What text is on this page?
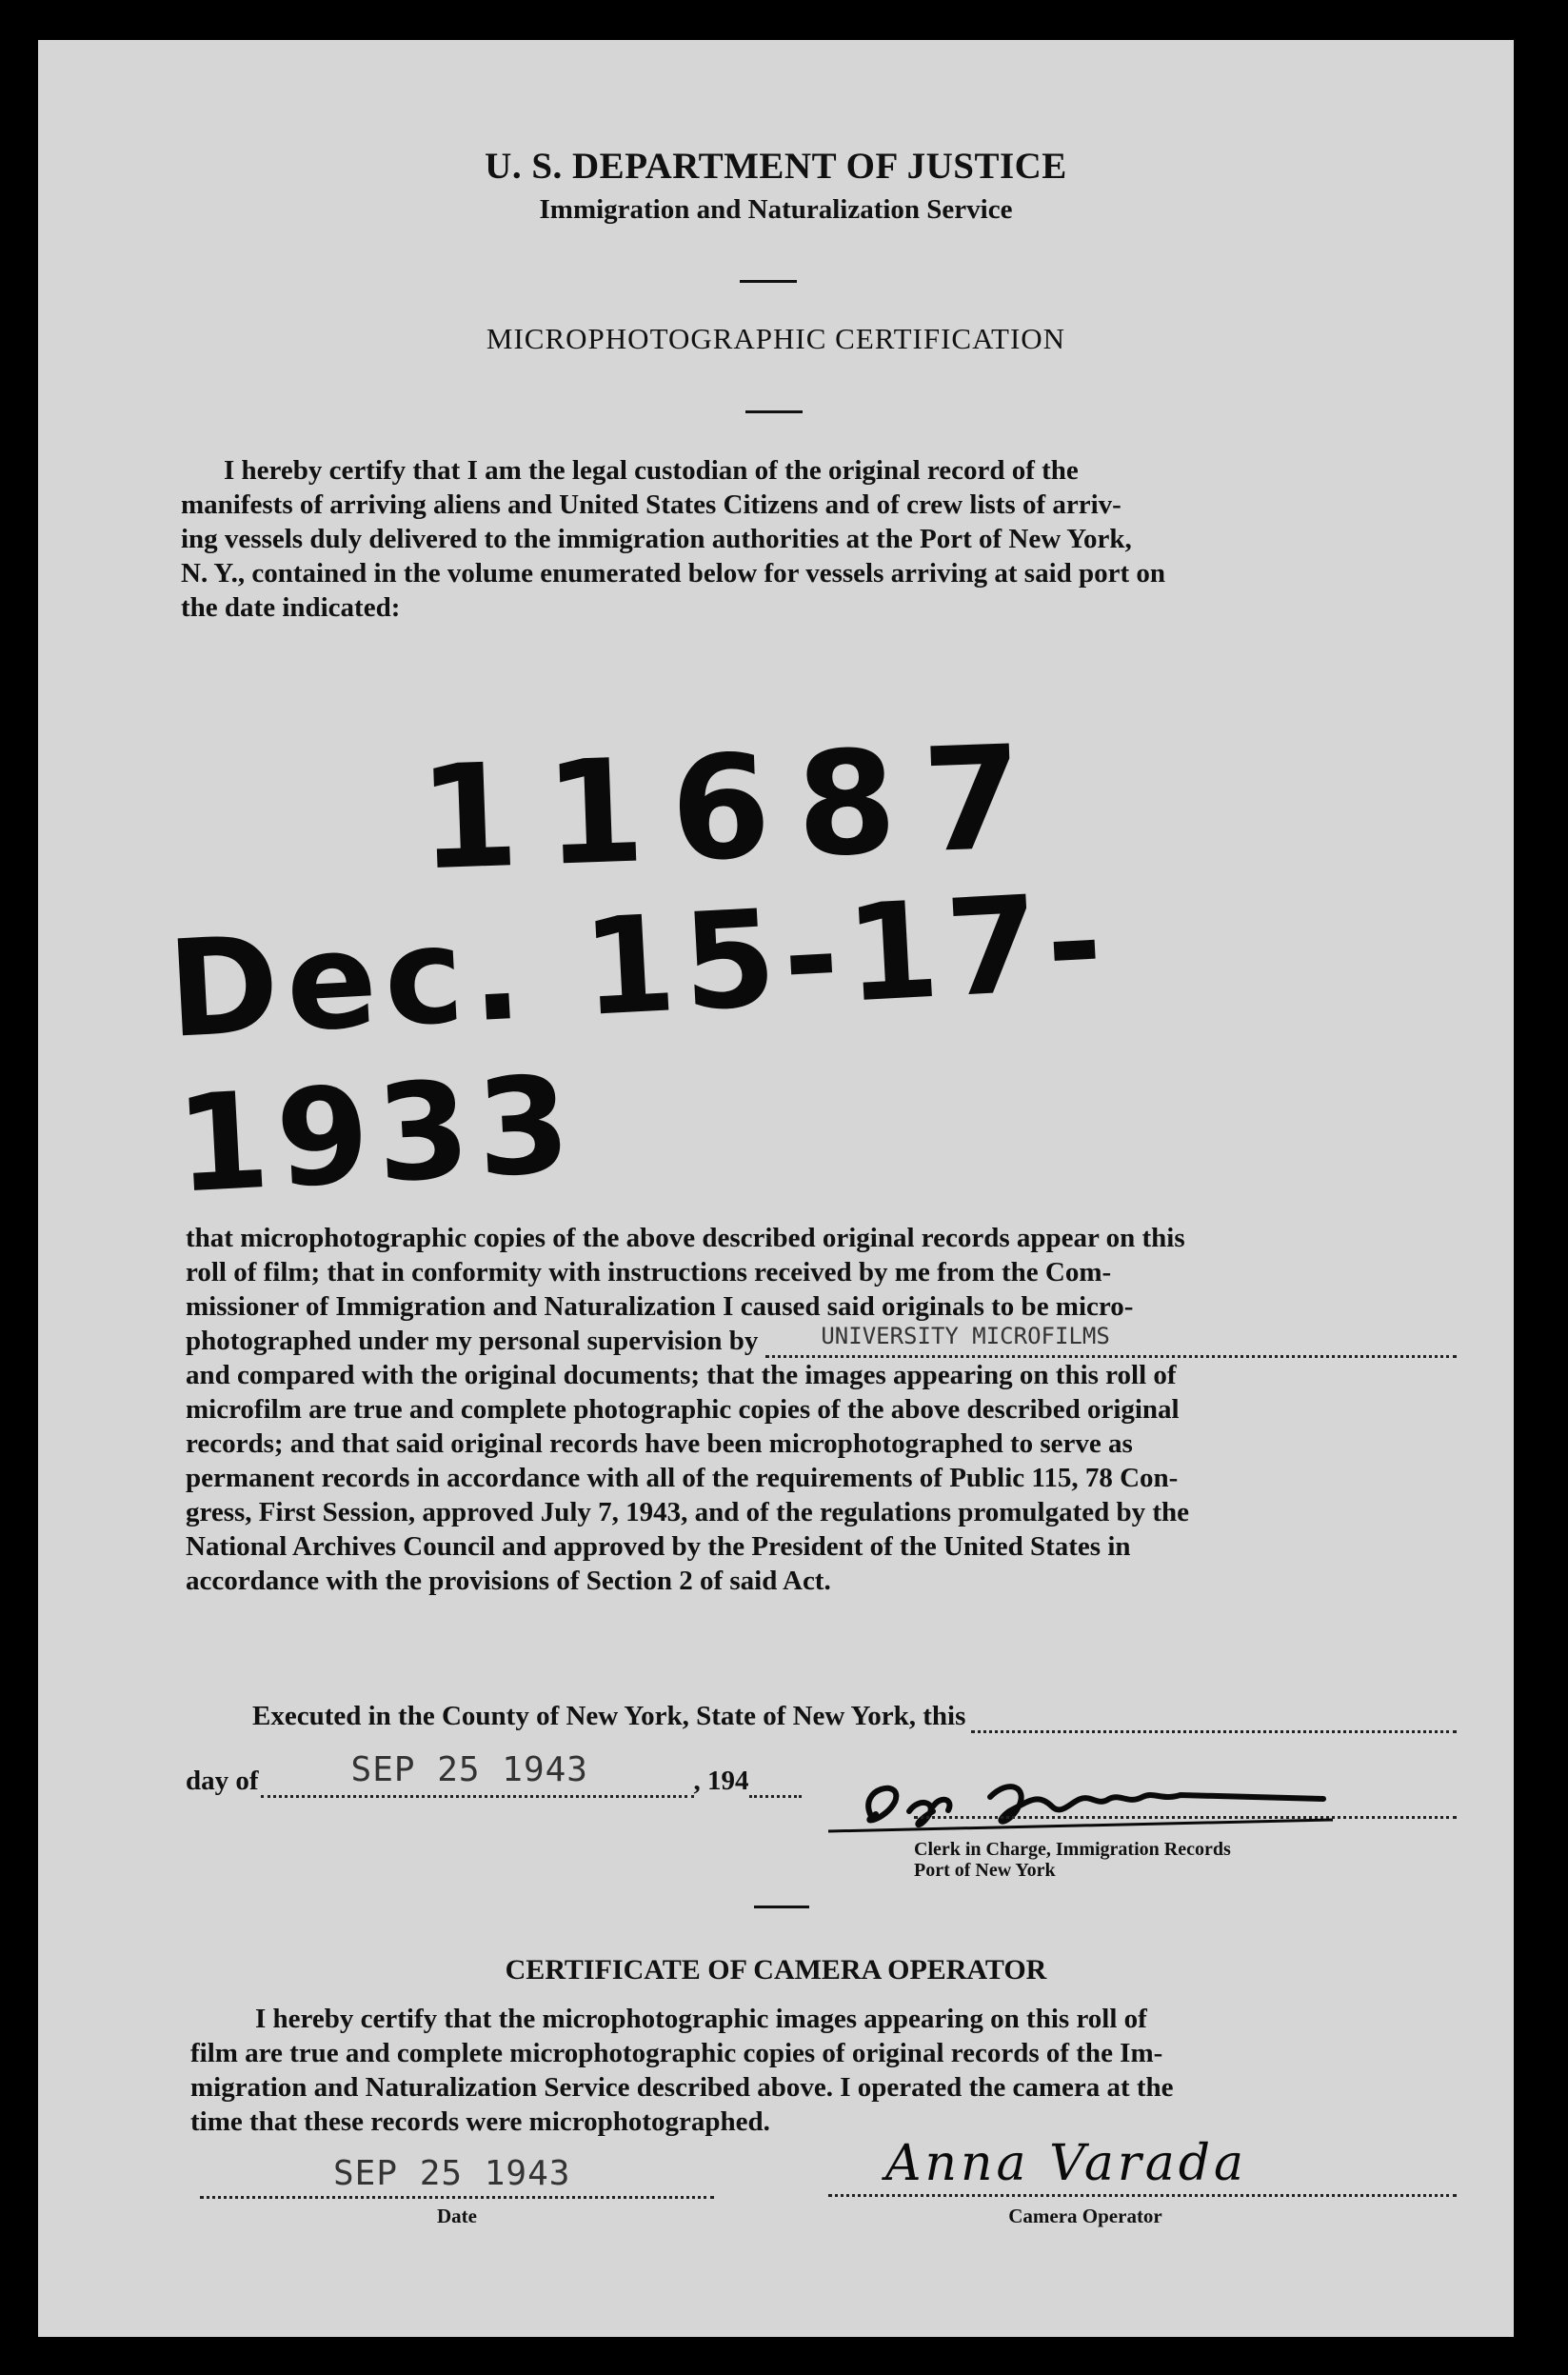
U. S. DEPARTMENT OF JUSTICE
Immigration and Naturalization Service
MICROPHOTOGRAPHIC CERTIFICATION
I hereby certify that I am the legal custodian of the original record of the
manifests of arriving aliens and United States Citizens and of crew lists of arriv-
ing vessels duly delivered to the immigration authorities at the Port of New York,
N. Y., contained in the volume enumerated below for vessels arriving at said port on
the date indicated:
11687
Dec. 15-17-1933
that microphotographic copies of the above described original records appear on this
roll of film; that in conformity with instructions received by me from the Com-
missioner of Immigration and Naturalization I caused said originals to be micro-
photographed under my personal supervision by	UNIVERSITY MICROFILMS
and compared with the original documents; that the images appearing on this roll of
microfilm are true and complete photographic copies of the above described original
records; and that said original records have been microphotographed to serve as
permanent records in accordance with all of the requirements of Public 115, 78 Con-
gress, First Session, approved July 7, 1943, and of the regulations promulgated by the
National Archives Council and approved by the President of the United States in
accordance with the provisions of Section 2 of said Act.
Executed in the County of New York, State of New York, this
day of	SEP 25 1943	, 194
Clerk in Charge, Immigration Records
Port of New York
CERTIFICATE OF CAMERA OPERATOR
I hereby certify that the microphotographic images appearing on this roll of
film are true and complete microphotographic copies of original records of the Im-
migration and Naturalization Service described above. I operated the camera at the
time that these records were microphotographed.
SEP 25 1943
Date
Anna Varada
Camera Operator
